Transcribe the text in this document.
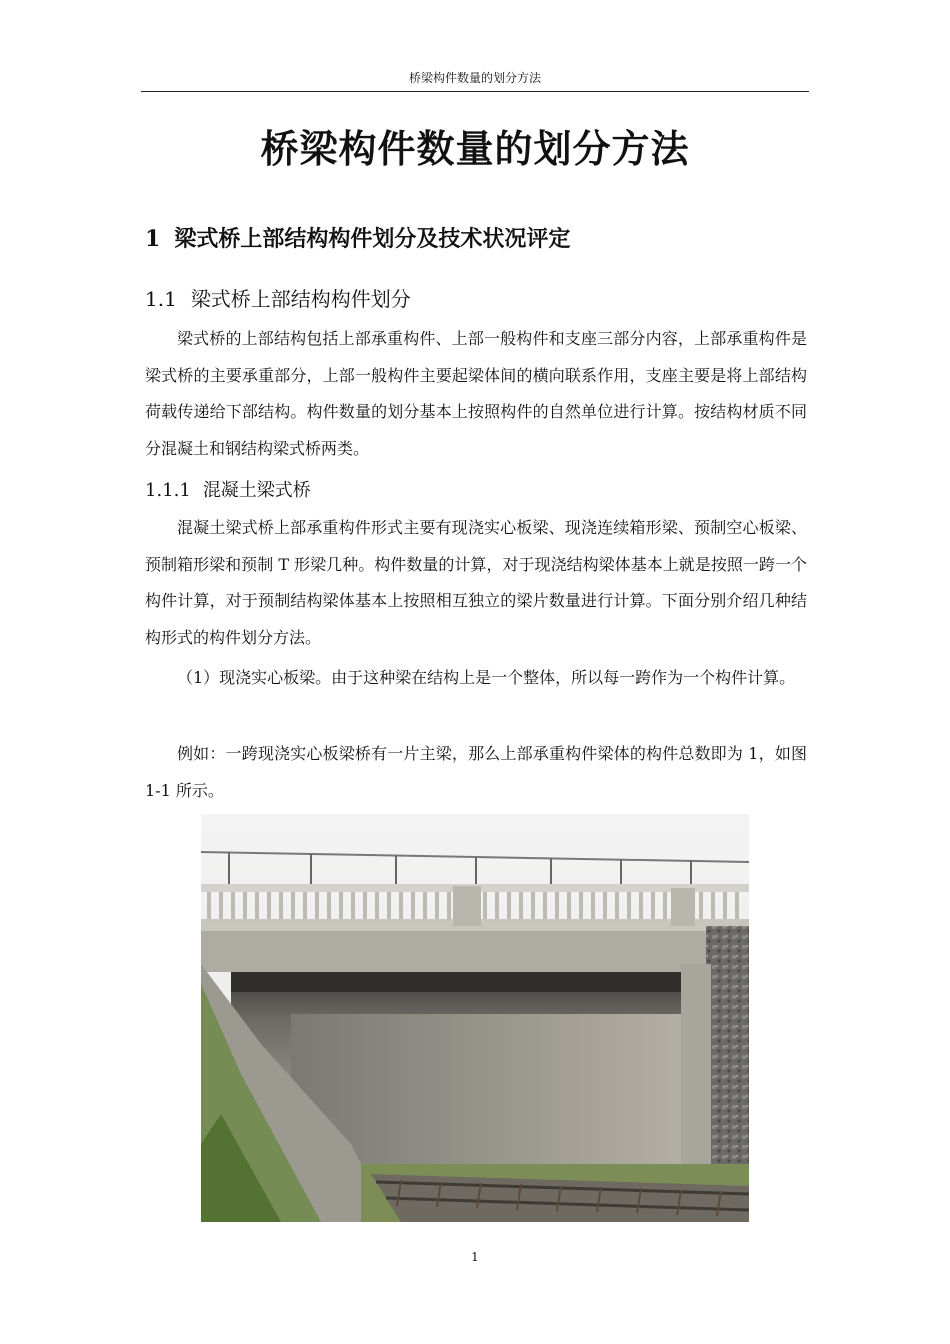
桥梁构件数量的划分方法
桥梁构件数量的划分方法
1 梁式桥上部结构构件划分及技术状况评定
1.1 梁式桥上部结构构件划分

梁式桥的上部结构包括上部承重构件、上部一般构件和支座三部分内容，上部承重构件是梁式桥的主要承重部分，上部一般构件主要起梁体间的横向联系作用，支座主要是将上部结构荷载传递给下部结构。构件数量的划分基本上按照构件的自然单位进行计算。按结构材质不同分混凝土和钢结构梁式桥两类。

1.1.1 混凝土梁式桥

混凝土梁式桥上部承重构件形式主要有现浇实心板梁、现浇连续箱形梁、预制空心板梁、预制箱形梁和预制 T 形梁几种。构件数量的计算，对于现浇结构梁体基本上就是按照一跨一个构件计算，对于预制结构梁体基本上按照相互独立的梁片数量进行计算。下面分别介绍几种结构形式的构件划分方法。

（1）现浇实心板梁。由于这种梁在结构上是一个整体，所以每一跨作为一个构件计算。

例如：一跨现浇实心板梁桥有一片主梁，那么上部承重构件梁体的构件总数即为 1，如图 1-1 所示。

1
